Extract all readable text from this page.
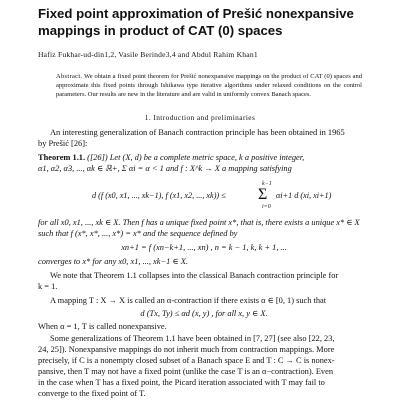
Fixed point approximation of Prešić nonexpansive
mappings in product of CAT (0) spaces
Hafiz Fukhar-ud-din1,2, Vasile Berinde3,4 and Abdul Rahim Khan1
Abstract. We obtain a fixed point theorem for Prešić nonexpansive mappings on the product of CAT (0) spaces and approximate this fixed points through Ishikawa type iterative algorithms under relaxed conditions on the control parameters. Our results are new in the literature and are valid in uniformly convex Banach spaces.
1. Introduction and preliminaries
An interesting generalization of Banach contraction principle has been obtained in 1965
by Prešić [26]:
Theorem 1.1. ([26]) Let (X, d) be a complete metric space, k a positive integer,
α1, α2, α3, ..., αk ∈ ℝ+, Σ αi = α < 1 and f : X^k → X a mapping satisfying
d (f (x0, x1, ..., xk−1), f (x1, x2, ..., xk)) ≤
k−1
Σ
i=0
αi+1 d (xi, xi+1)
for all x0, x1, ..., xk ∈ X. Then f has a unique fixed point x*, that is, there exists a unique x* ∈ X
such that f (x*, x*, ..., x*) = x* and the sequence defined by
xn+1 = f (xn−k+1, ..., xn) , n = k − 1, k, k + 1, ...
converges to x* for any x0, x1, ..., xk−1 ∈ X.
We note that Theorem 1.1 collapses into the classical Banach contraction principle for
k = 1.
A mapping T : X → X is called an α-contraction if there exists α ∈ [0, 1) such that
d (Tx, Ty) ≤ αd (x, y) , for all x, y ∈ X.
When α = 1, T is called nonexpansive.
Some generalizations of Theorem 1.1 have been obtained in [7, 27] (see also [22, 23,
24, 25]). Nonexpansive mappings do not inherit much from contraction mappings. More
precisely, if C is a nonempty closed subset of a Banach space E and T : C → C is nonex-
pansive, then T may not have a fixed point (unlike the case T is an α−contraction). Even
in the case when T has a fixed point, the Picard iteration associated with T may fail to
converge to the fixed point of T.
